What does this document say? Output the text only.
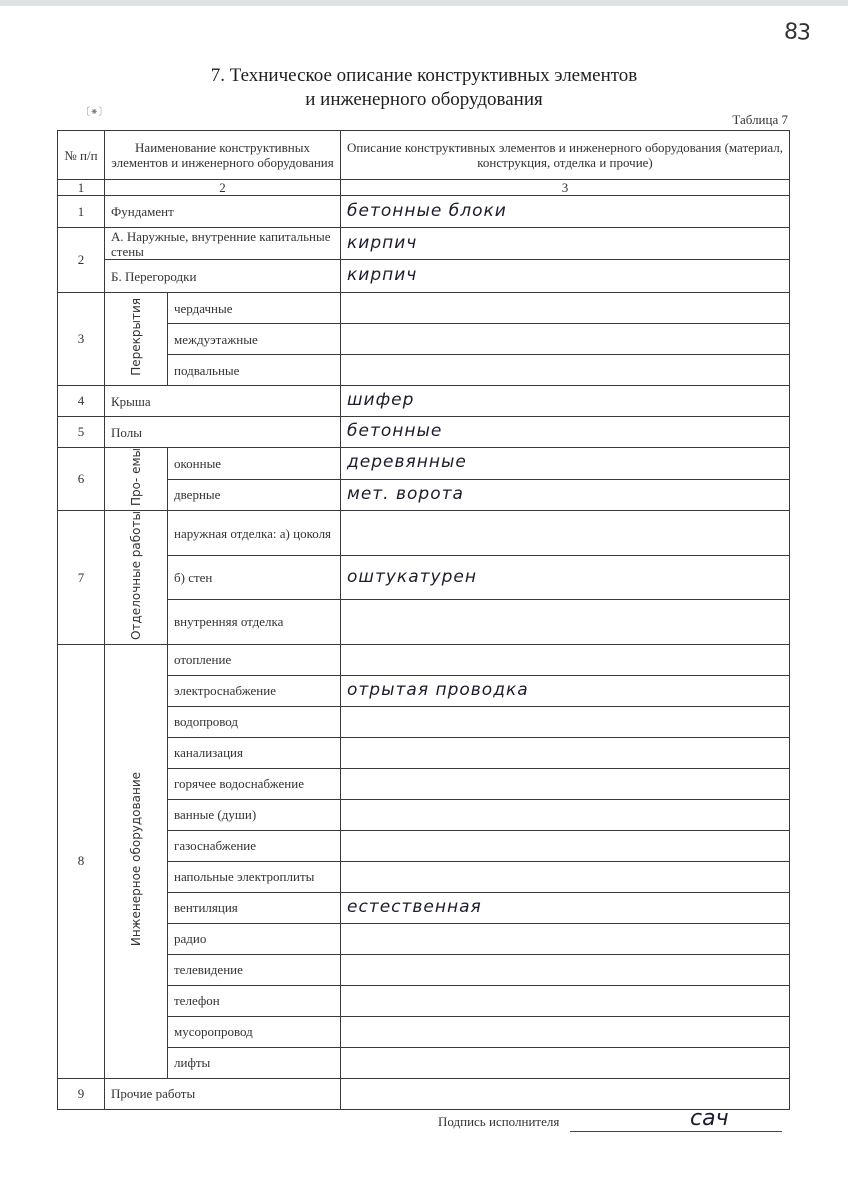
83
〔⁕〕
7. Техническое описание конструктивных элементов
и инженерного оборудования
Таблица 7
№ п/п	Наименование конструктивных элементов и инженерного оборудования		Описание конструктивных элементов и инженерного оборудования (материал, конструкция, отделка и прочие)
1	2		3
1	Фундамент		бетонные блоки
2	А. Наружные, внутренние капитальные стены		кирпич
	Б. Перегородки		кирпич
3	Перекрытия	чердачные	
		междуэтажные	
		подвальные	
4	Крыша		шифер
5	Полы		бетонные
6	Про- емы	оконные	деревянные
		дверные	мет. ворота
7	Отделочные работы	наружная отделка: а) цоколя	
		б) стен	оштукатурен
		внутренняя отделка	
8	Инженерное оборудование	отопление	
		электроснабжение	отрытая проводка
		водопровод	
		канализация	
		горячее водоснабжение	
		ванные (души)	
		газоснабжение	
		напольные электроплиты	
		вентиляция	естественная
		радио	
		телевидение	
		телефон	
		мусоропровод	
		лифты	
9	Прочие работы		
Подпись исполнителя	сач
